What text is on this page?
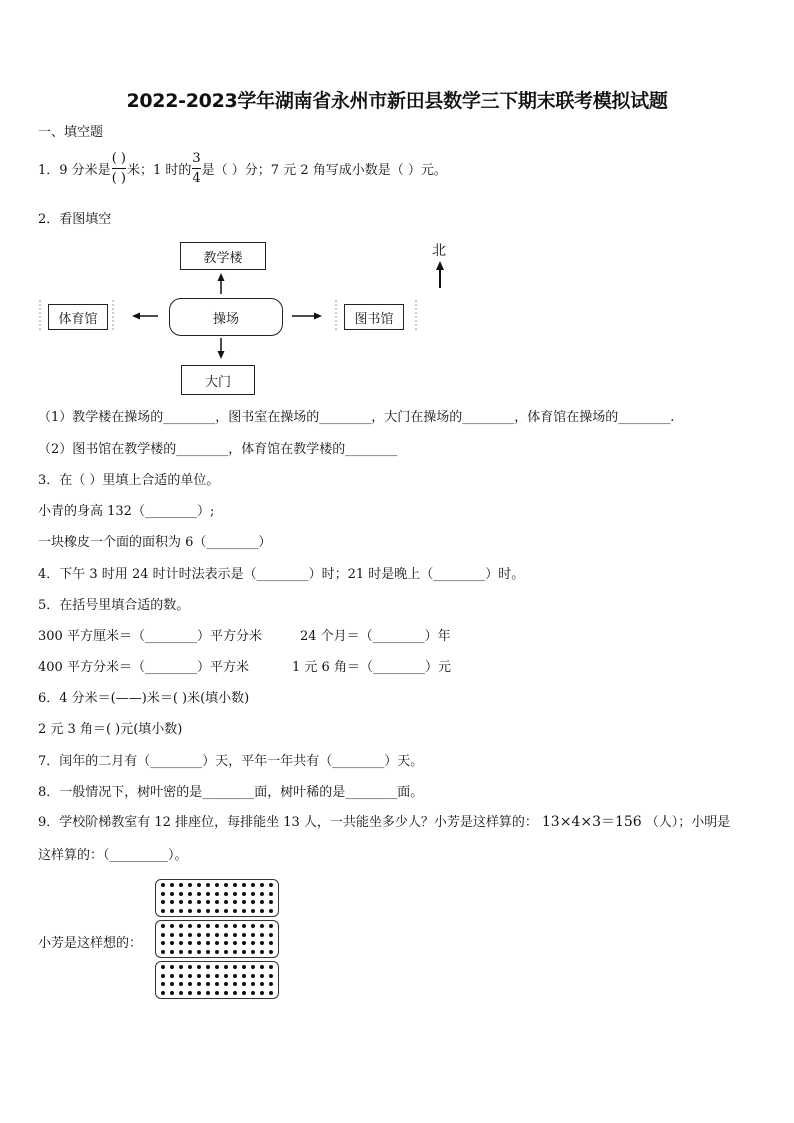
2022-2023学年湖南省永州市新田县数学三下期末联考模拟试题
一、填空题
1．9 分米是 $\frac{( )}{( )}$ 米；1 时的 $\frac{3}{4}$ 是（ ）分；7 元 2 角写成小数是（ ）元。
2．看图填空
教学楼
操场
体育馆	图书馆
大门
北
（1）教学楼在操场的________，图书室在操场的________，大门在操场的________，体育馆在操场的________.
（2）图书馆在教学楼的________，体育馆在教学楼的________
3．在（ ）里填上合适的单位。
小青的身高 132（________）;
一块橡皮一个面的面积为 6（________）
4．下午 3 时用 24 时计时法表示是（________）时；21 时是晚上（________）时。
5．在括号里填合适的数。
300 平方厘米＝（________）平方分米	24 个月＝（________）年
400 平方分米＝（________）平方米	1 元 6 角＝（________）元
6．4 分米＝(——)米＝( )米(填小数)
2 元 3 角＝( )元(填小数)
7．闰年的二月有（________）天，平年一年共有（________）天。
8．一般情况下，树叶密的是________面，树叶稀的是________面。
9．学校阶梯教室有 12 排座位，每排能坐 13 人，一共能坐多少人？小芳是这样算的： 13×4×3＝156 （人）；小明是
这样算的：（_________）。
小芳是这样想的：
